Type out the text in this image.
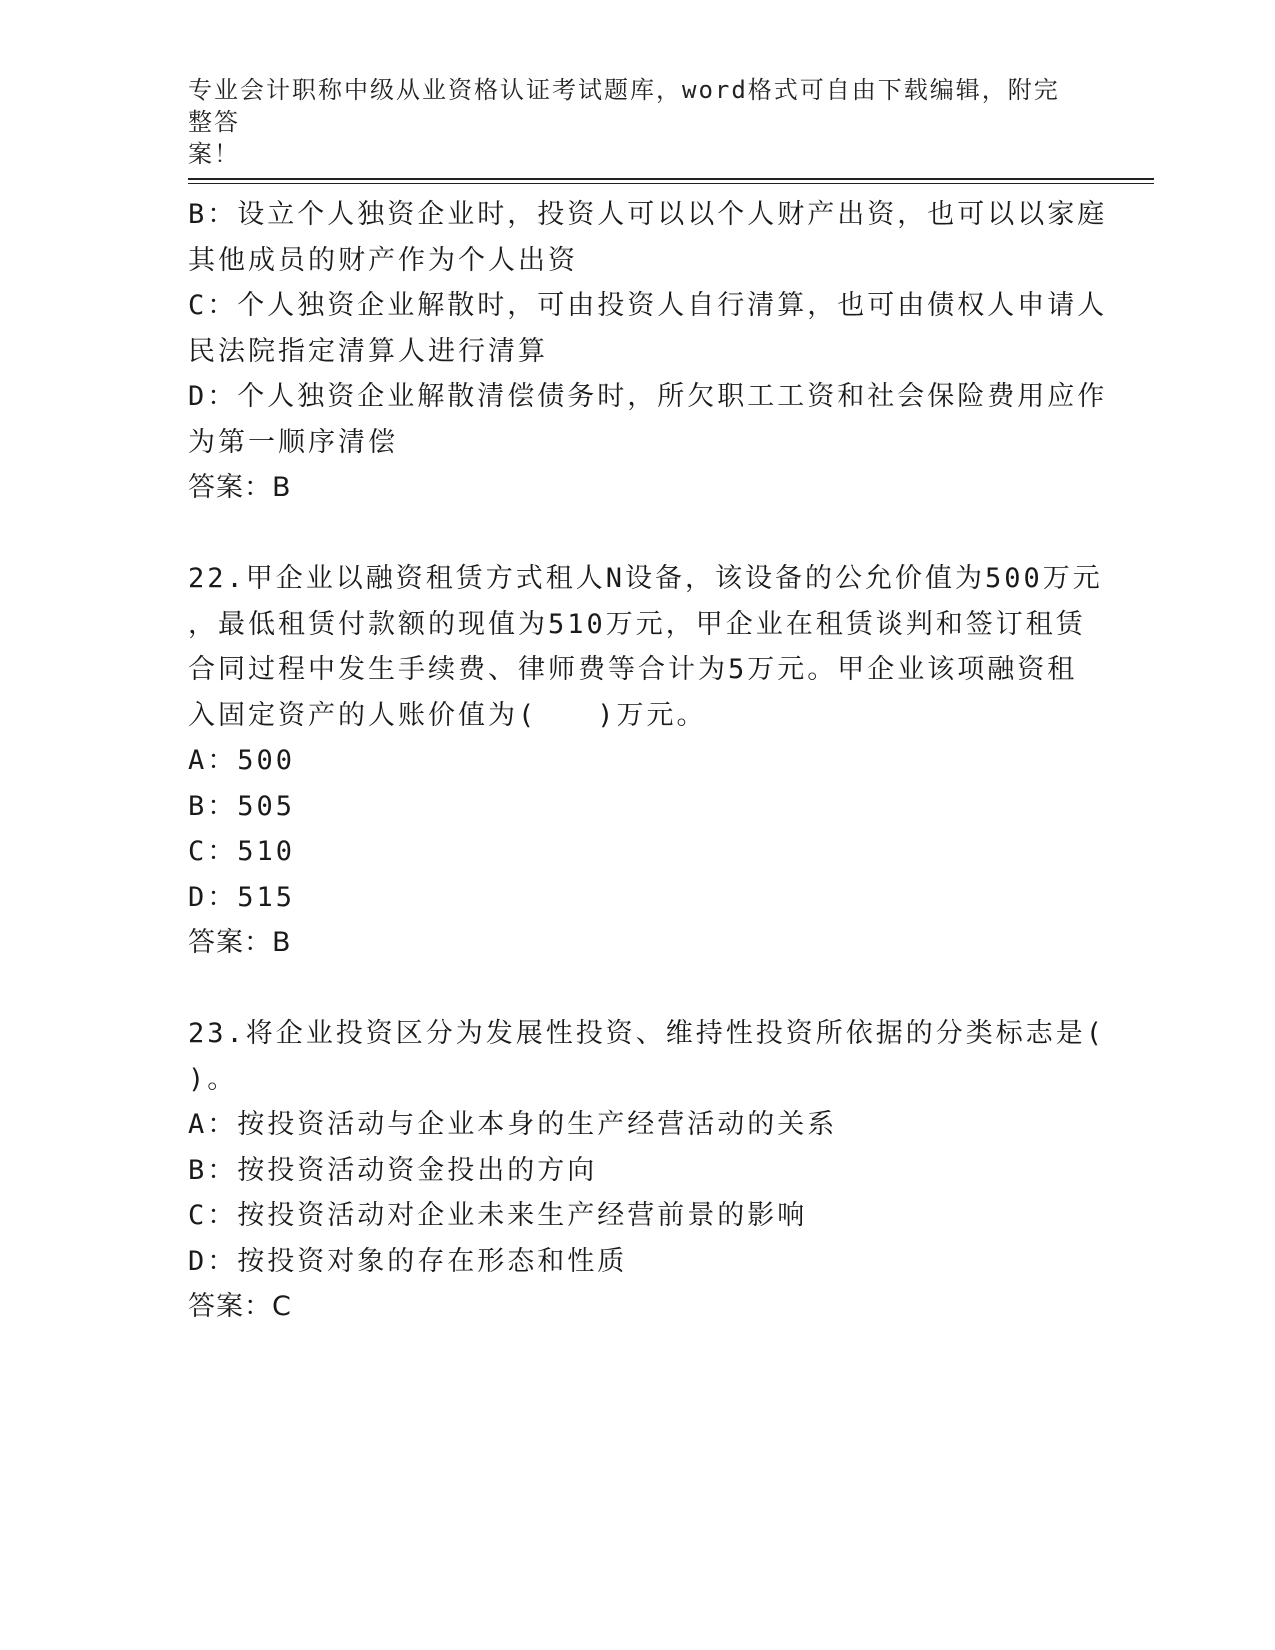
专业会计职称中级从业资格认证考试题库，word格式可自由下载编辑，附完整答
案！
B：设立个人独资企业时，投资人可以以个人财产出资，也可以以家庭
其他成员的财产作为个人出资
C：个人独资企业解散时，可由投资人自行清算，也可由债权人申请人
民法院指定清算人进行清算
D：个人独资企业解散清偿债务时，所欠职工工资和社会保险费用应作
为第一顺序清偿
答案：B
22.甲企业以融资租赁方式租人N设备，该设备的公允价值为500万元
，最低租赁付款额的现值为510万元，甲企业在租赁谈判和签订租赁
合同过程中发生手续费、律师费等合计为5万元。甲企业该项融资租
入固定资产的人账价值为(　　)万元。
A：500
B：505
C：510
D：515
答案：B
23.将企业投资区分为发展性投资、维持性投资所依据的分类标志是(
)。
A：按投资活动与企业本身的生产经营活动的关系
B：按投资活动资金投出的方向
C：按投资活动对企业未来生产经营前景的影响
D：按投资对象的存在形态和性质
答案：C
